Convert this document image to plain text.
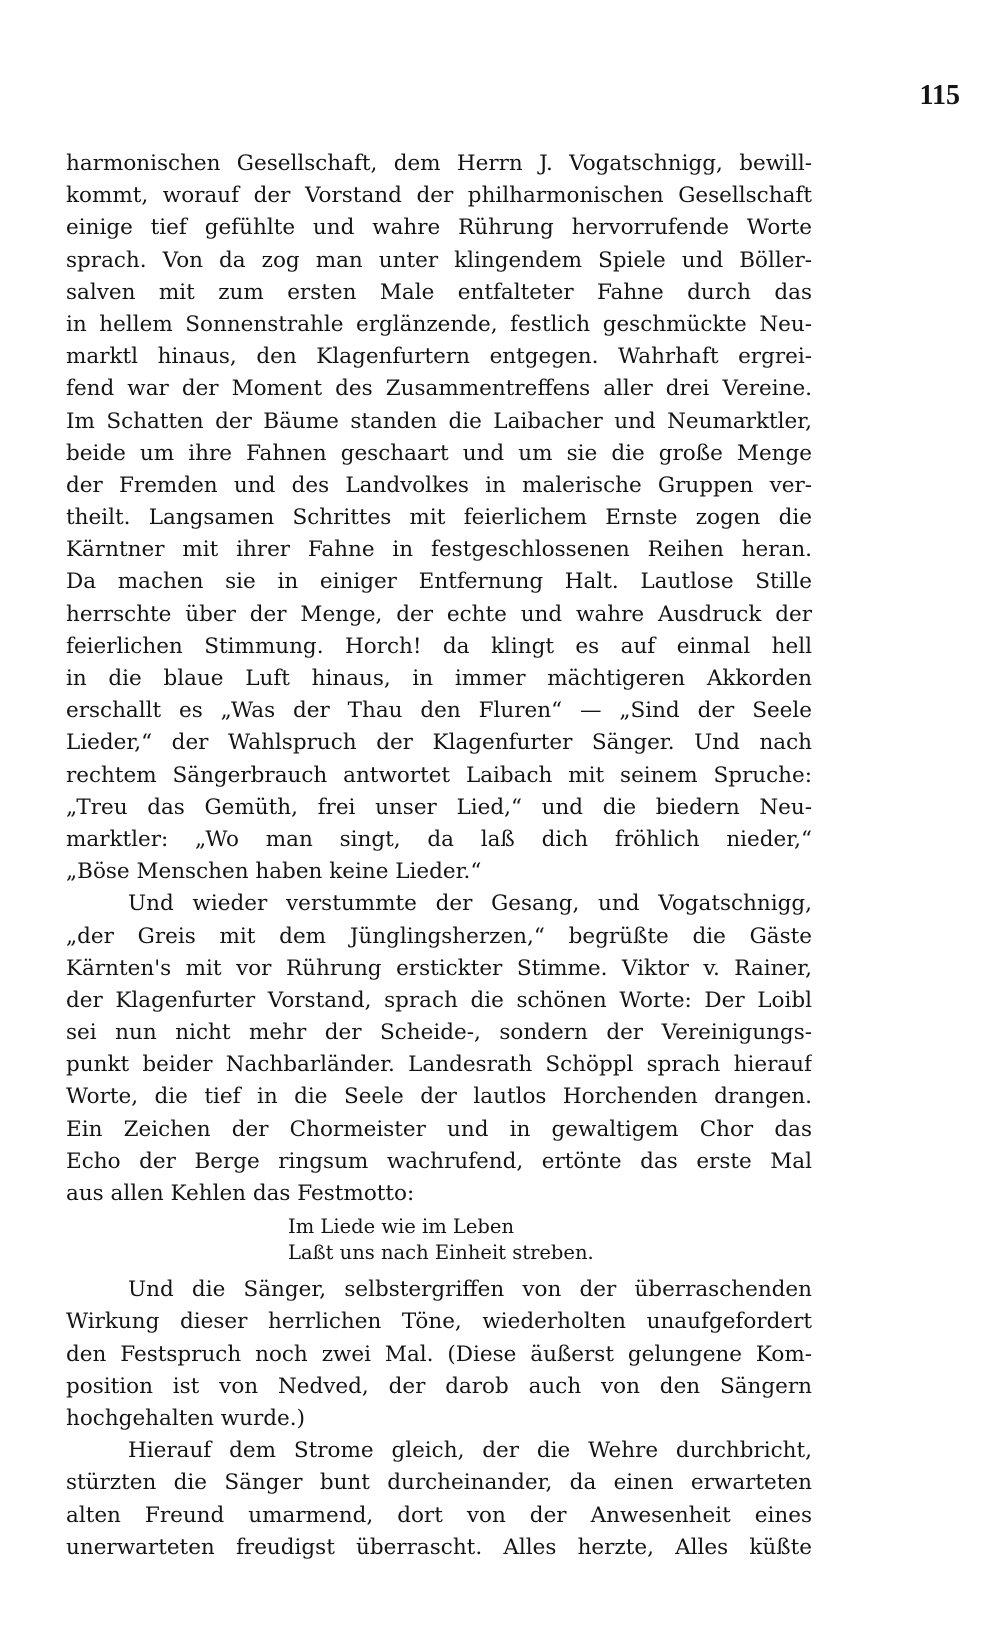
115
harmonischen Gesellschaft, dem Herrn J. Vogatschnigg, bewill-
kommt, worauf der Vorstand der philharmonischen Gesellschaft
einige tief gefühlte und wahre Rührung hervorrufende Worte
sprach. Von da zog man unter klingendem Spiele und Böller-
salven mit zum ersten Male entfalteter Fahne durch das
in hellem Sonnenstrahle erglänzende, festlich geschmückte Neu-
marktl hinaus, den Klagenfurtern entgegen. Wahrhaft ergrei-
fend war der Moment des Zusammentreffens aller drei Vereine.
Im Schatten der Bäume standen die Laibacher und Neumarktler,
beide um ihre Fahnen geschaart und um sie die große Menge
der Fremden und des Landvolkes in malerische Gruppen ver-
theilt. Langsamen Schrittes mit feierlichem Ernste zogen die
Kärntner mit ihrer Fahne in festgeschlossenen Reihen heran.
Da machen sie in einiger Entfernung Halt. Lautlose Stille
herrschte über der Menge, der echte und wahre Ausdruck der
feierlichen Stimmung. Horch! da klingt es auf einmal hell
in die blaue Luft hinaus, in immer mächtigeren Akkorden
erschallt es „Was der Thau den Fluren“ — „Sind der Seele
Lieder,“ der Wahlspruch der Klagenfurter Sänger. Und nach
rechtem Sängerbrauch antwortet Laibach mit seinem Spruche:
„Treu das Gemüth, frei unser Lied,“ und die biedern Neu-
marktler: „Wo man singt, da laß dich fröhlich nieder,“
„Böse Menschen haben keine Lieder.“
Und wieder verstummte der Gesang, und Vogatschnigg,
„der Greis mit dem Jünglingsherzen,“ begrüßte die Gäste
Kärnten's mit vor Rührung erstickter Stimme. Viktor v. Rainer,
der Klagenfurter Vorstand, sprach die schönen Worte: Der Loibl
sei nun nicht mehr der Scheide-, sondern der Vereinigungs-
punkt beider Nachbarländer. Landesrath Schöppl sprach hierauf
Worte, die tief in die Seele der lautlos Horchenden drangen.
Ein Zeichen der Chormeister und in gewaltigem Chor das
Echo der Berge ringsum wachrufend, ertönte das erste Mal
aus allen Kehlen das Festmotto:
Im Liede wie im Leben
Laßt uns nach Einheit streben.
Und die Sänger, selbstergriffen von der überraschenden
Wirkung dieser herrlichen Töne, wiederholten unaufgefordert
den Festspruch noch zwei Mal. (Diese äußerst gelungene Kom-
position ist von Nedved, der darob auch von den Sängern
hochgehalten wurde.)
Hierauf dem Strome gleich, der die Wehre durchbricht,
stürzten die Sänger bunt durcheinander, da einen erwarteten
alten Freund umarmend, dort von der Anwesenheit eines
unerwarteten freudigst überrascht. Alles herzte, Alles küßte
